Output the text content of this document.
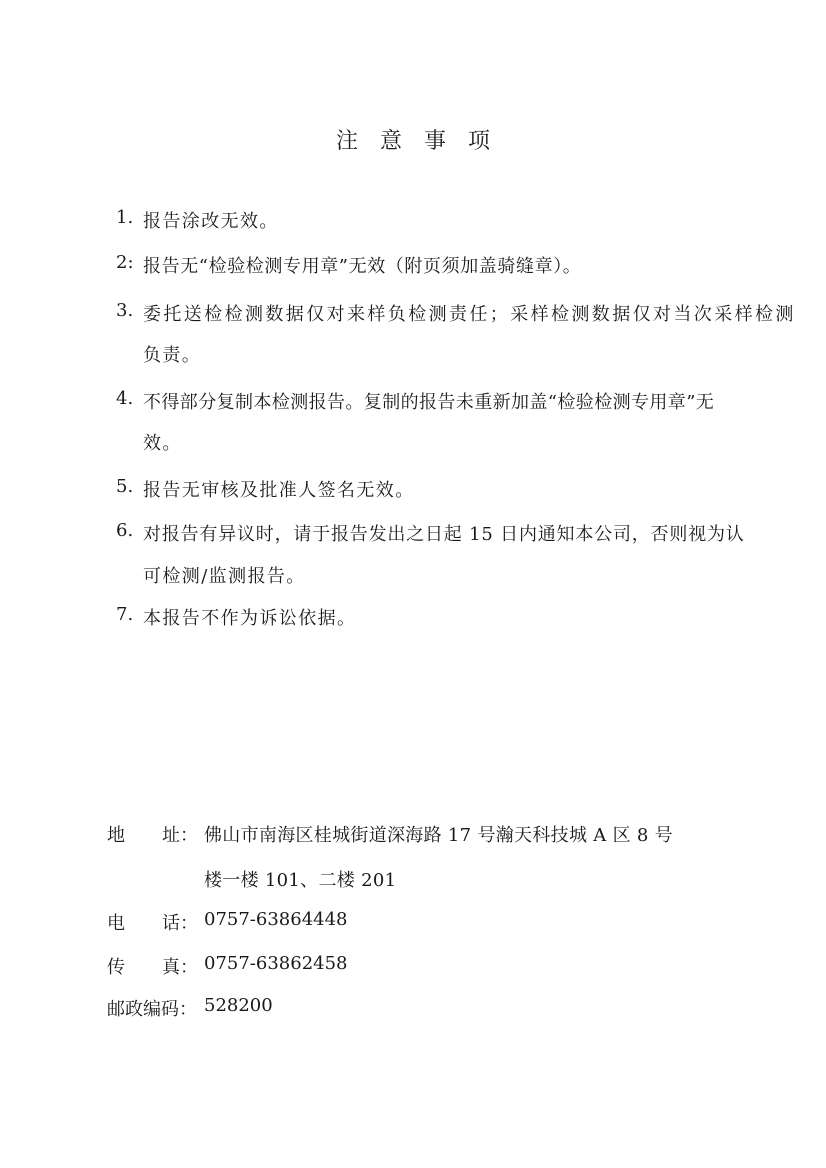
注意事项
1. 报告涂改无效。
2: 报告无“检验检测专用章”无效（附页须加盖骑缝章）。
3. 委托送检检测数据仅对来样负检测责任；采样检测数据仅对当次采样检测
负责。
4. 不得部分复制本检测报告。复制的报告未重新加盖“检验检测专用章”无
效。
5. 报告无审核及批准人签名无效。
6. 对报告有异议时，请于报告发出之日起 15 日内通知本公司，否则视为认
可检测/监测报告。
7. 本报告不作为诉讼依据。
地 址： 佛山市南海区桂城街道深海路 17 号瀚天科技城 A 区 8 号
楼一楼 101、二楼 201
电 话： 0757-63864448
传 真： 0757-63862458
邮政编码： 528200
